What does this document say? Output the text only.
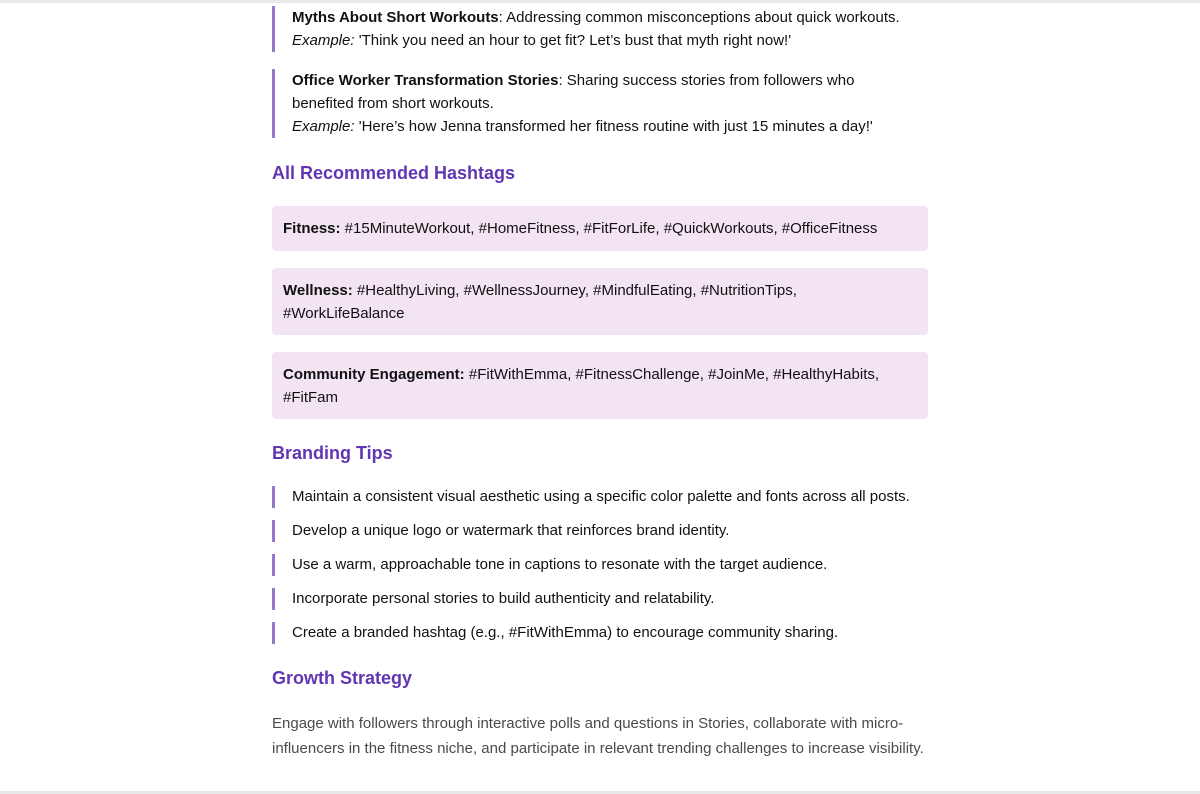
Myths About Short Workouts: Addressing common misconceptions about quick workouts.
Example: 'Think you need an hour to get fit? Let’s bust that myth right now!'
Office Worker Transformation Stories: Sharing success stories from followers who benefited from short workouts.
Example: 'Here’s how Jenna transformed her fitness routine with just 15 minutes a day!'
All Recommended Hashtags
Fitness: #15MinuteWorkout, #HomeFitness, #FitForLife, #QuickWorkouts, #OfficeFitness
Wellness: #HealthyLiving, #WellnessJourney, #MindfulEating, #NutritionTips, #WorkLifeBalance
Community Engagement: #FitWithEmma, #FitnessChallenge, #JoinMe, #HealthyHabits, #FitFam
Branding Tips
Maintain a consistent visual aesthetic using a specific color palette and fonts across all posts.
Develop a unique logo or watermark that reinforces brand identity.
Use a warm, approachable tone in captions to resonate with the target audience.
Incorporate personal stories to build authenticity and relatability.
Create a branded hashtag (e.g., #FitWithEmma) to encourage community sharing.
Growth Strategy

Engage with followers through interactive polls and questions in Stories, collaborate with micro-influencers in the fitness niche, and participate in relevant trending challenges to increase visibility.
